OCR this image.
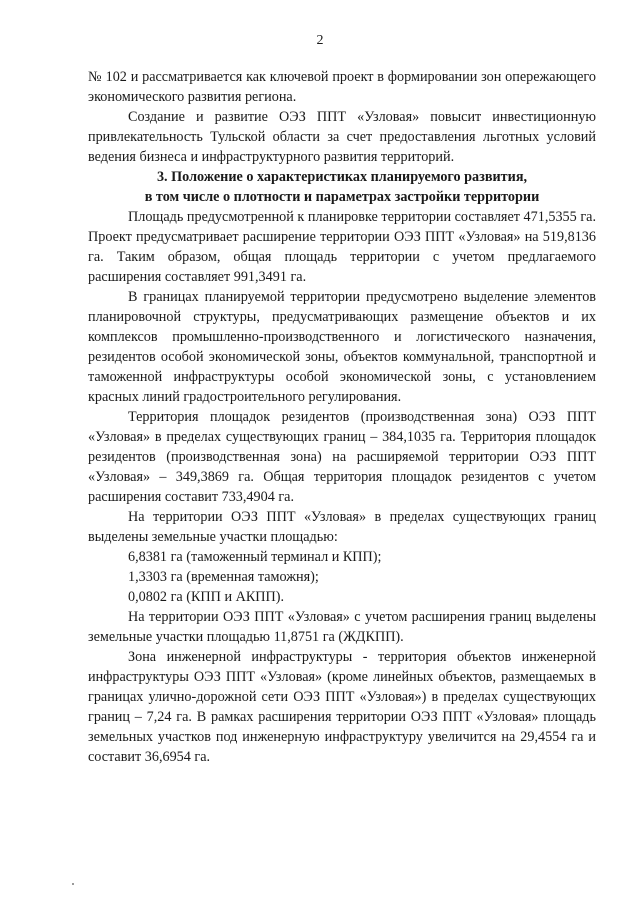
2

№ 102 и рассматривается как ключевой проект в формировании зон опережающего экономического развития региона.

Создание и развитие ОЭЗ ППТ «Узловая» повысит инвестиционную привлекательность Тульской области за счет предоставления льготных условий ведения бизнеса и инфраструктурного развития территорий.

3. Положение о характеристиках планируемого развития,
в том числе о плотности и параметрах застройки территории

Площадь предусмотренной к планировке территории составляет 471,5355 га. Проект предусматривает расширение территории ОЭЗ ППТ «Узловая» на 519,8136 га. Таким образом, общая площадь территории с учетом предлагаемого расширения составляет 991,3491 га.

В границах планируемой территории предусмотрено выделение элементов планировочной структуры, предусматривающих размещение объектов и их комплексов промышленно-производственного и логистического назначения, резидентов особой экономической зоны, объектов коммунальной, транспортной и таможенной инфраструктуры особой экономической зоны, с установлением красных линий градостроительного регулирования.

Территория площадок резидентов (производственная зона) ОЭЗ ППТ «Узловая» в пределах существующих границ – 384,1035 га. Территория площадок резидентов (производственная зона) на расширяемой территории ОЭЗ ППТ «Узловая» – 349,3869 га. Общая территория площадок резидентов с учетом расширения составит 733,4904 га.

На территории ОЭЗ ППТ «Узловая» в пределах существующих границ выделены земельные участки площадью:

6,8381 га (таможенный терминал и КПП);

1,3303 га (временная таможня);

0,0802 га (КПП и АКПП).

На территории ОЭЗ ППТ «Узловая» с учетом расширения границ выделены земельные участки площадью 11,8751 га (ЖДКПП).

Зона инженерной инфраструктуры - территория объектов инженерной инфраструктуры ОЭЗ ППТ «Узловая» (кроме линейных объектов, размещаемых в границах улично-дорожной сети ОЭЗ ППТ «Узловая») в пределах существующих границ – 7,24 га. В рамках расширения территории ОЭЗ ППТ «Узловая» площадь земельных участков под инженерную инфраструктуру увеличится на 29,4554 га и составит 36,6954 га.
